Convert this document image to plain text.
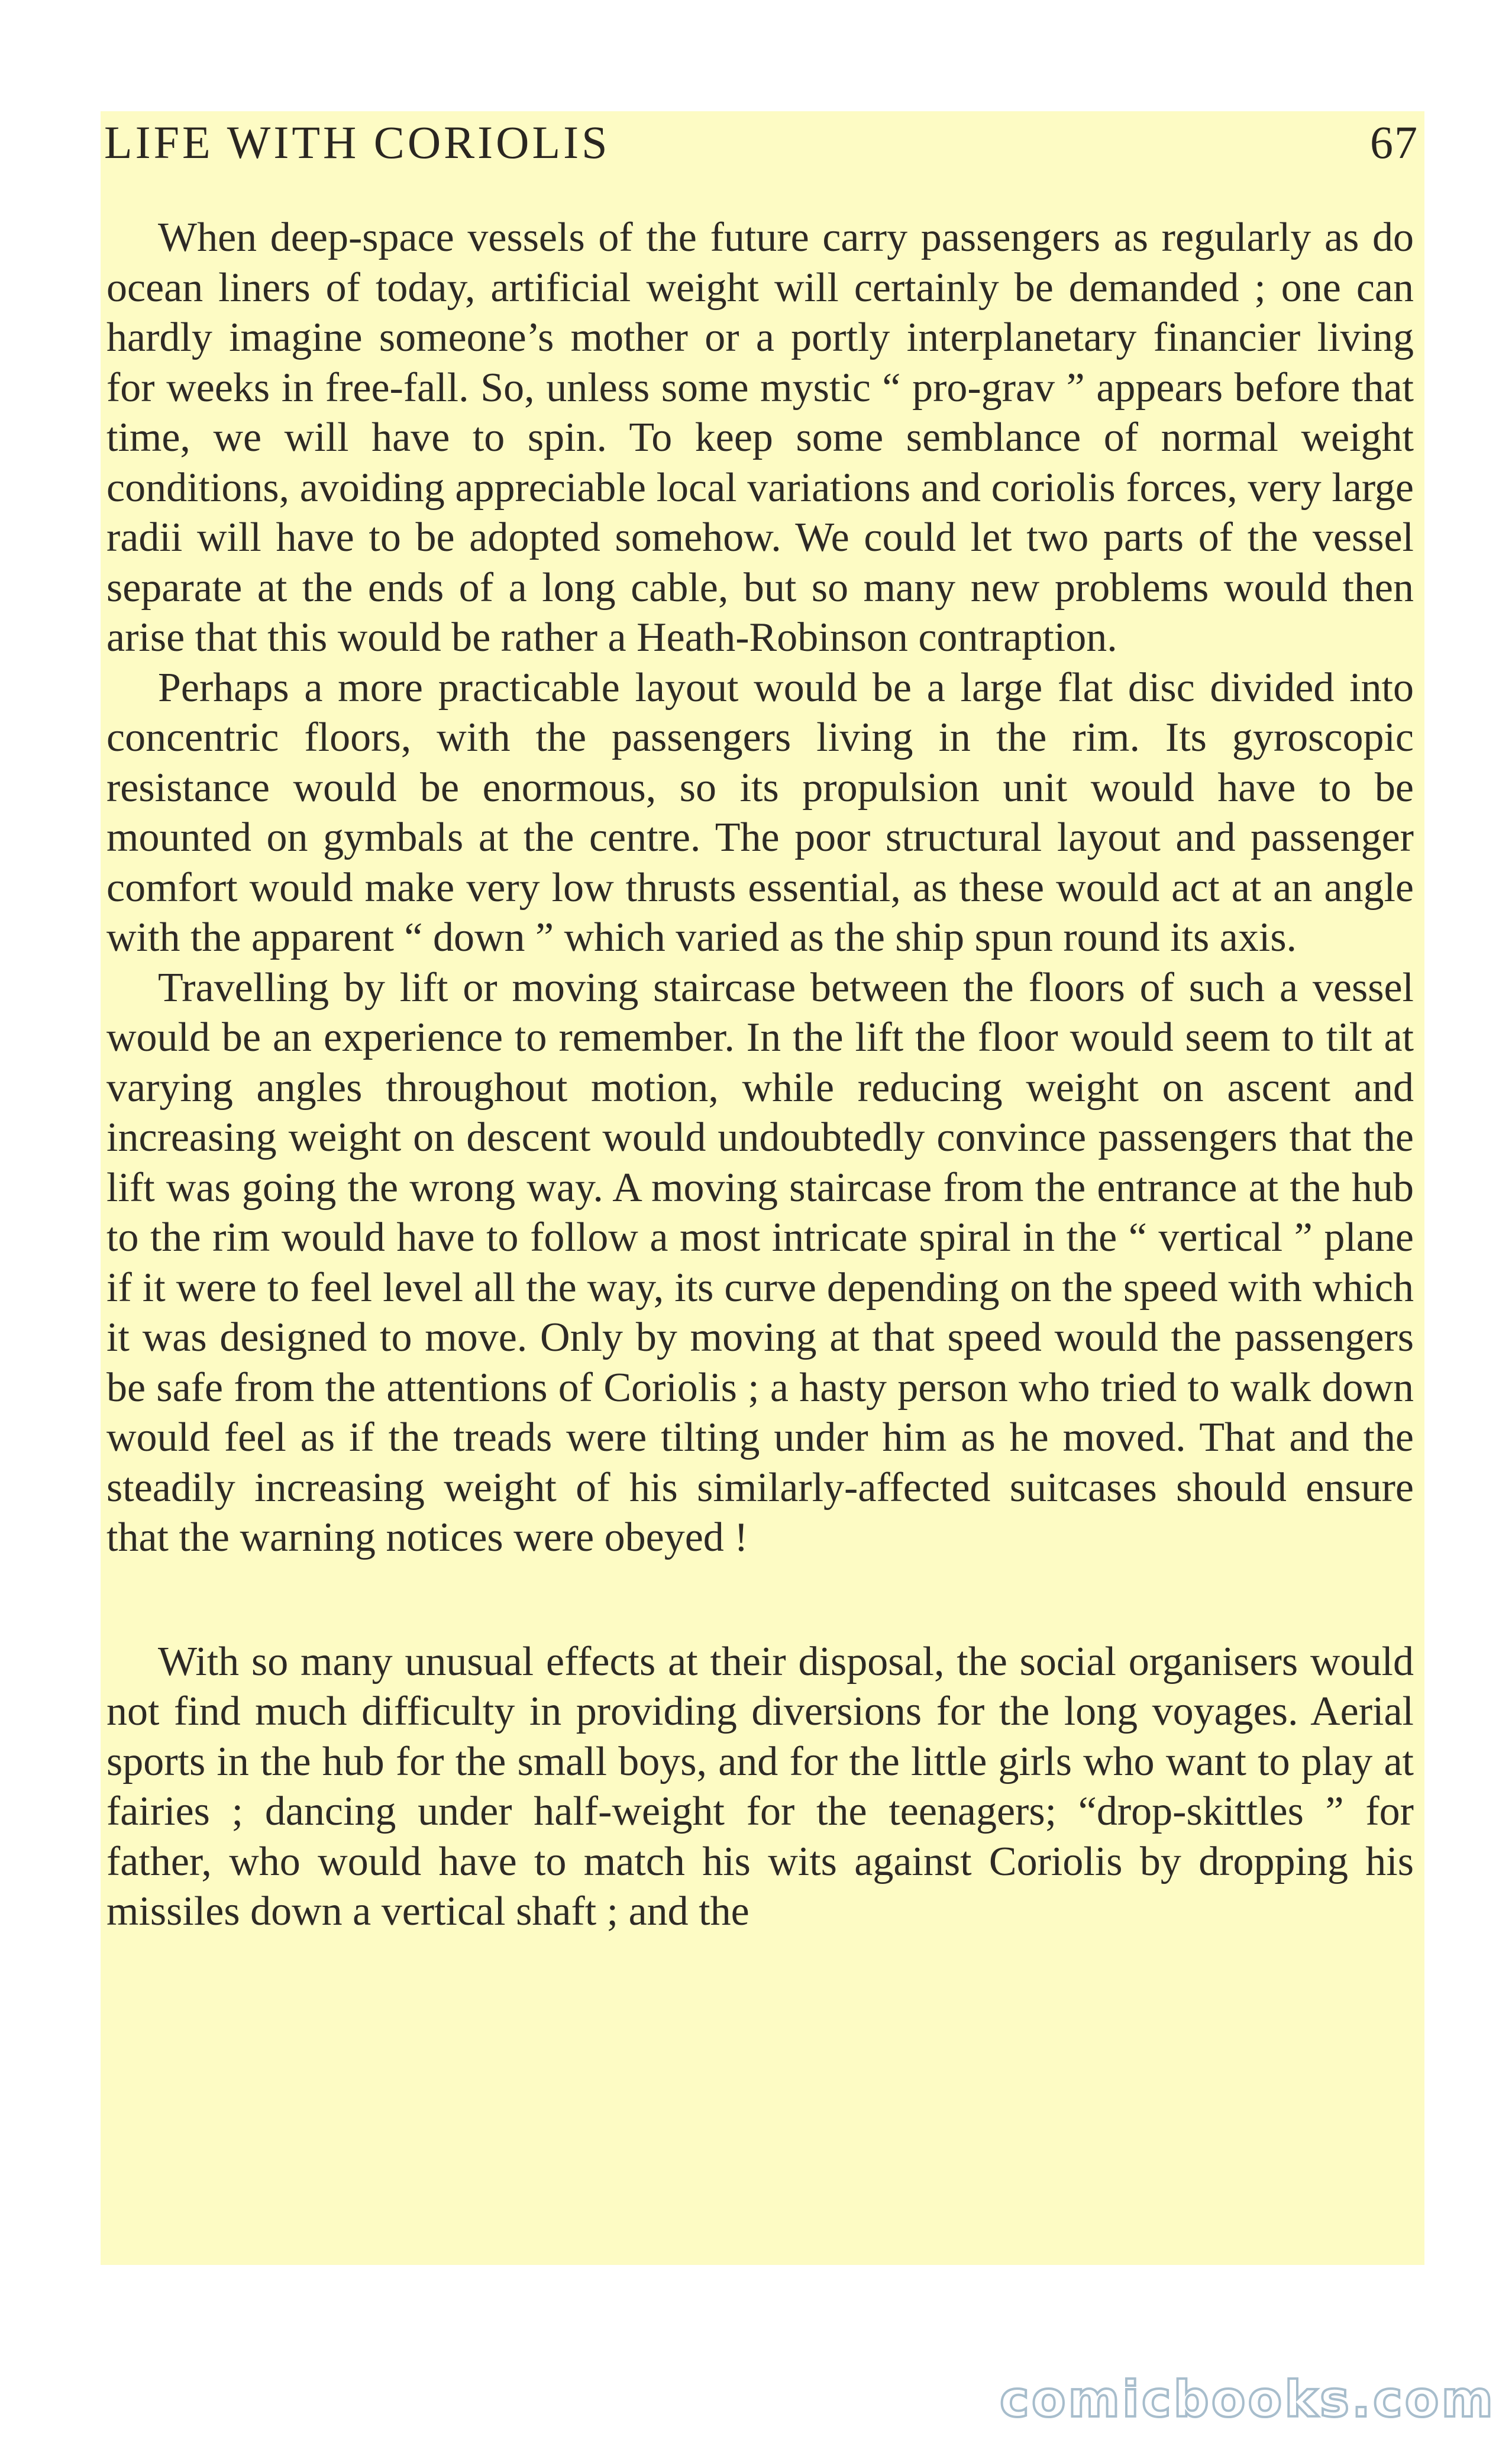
LIFE WITH CORIOLIS	67

When deep-space vessels of the future carry passengers as regularly as do ocean liners of today, artificial weight will certainly be demanded ; one can hardly imagine someone’s mother or a portly interplanetary financier living for weeks in free-fall. So, unless some mystic “ pro-grav ” appears before that time, we will have to spin. To keep some semblance of normal weight conditions, avoiding appreciable local variations and coriolis forces, very large radii will have to be adopted somehow. We could let two parts of the vessel separate at the ends of a long cable, but so many new problems would then arise that this would be rather a Heath-Robinson contraption.

Perhaps a more practicable layout would be a large flat disc divided into concentric floors, with the passengers living in the rim. Its gyroscopic resistance would be enormous, so its propulsion unit would have to be mounted on gymbals at the centre. The poor structural layout and passenger comfort would make very low thrusts essential, as these would act at an angle with the apparent “ down ” which varied as the ship spun round its axis.

Travelling by lift or moving staircase between the floors of such a vessel would be an experience to remember. In the lift the floor would seem to tilt at varying angles throughout motion, while reducing weight on ascent and increasing weight on descent would undoubtedly convince passengers that the lift was going the wrong way. A moving staircase from the entrance at the hub to the rim would have to follow a most intricate spiral in the “ vertical ” plane if it were to feel level all the way, its curve depending on the speed with which it was designed to move. Only by moving at that speed would the passengers be safe from the attentions of Coriolis ; a hasty person who tried to walk down would feel as if the treads were tilting under him as he moved. That and the steadily increasing weight of his similarly-affected suitcases should ensure that the warning notices were obeyed !

With so many unusual effects at their disposal, the social organisers would not find much difficulty in providing diversions for the long voyages. Aerial sports in the hub for the small boys, and for the little girls who want to play at fairies ; dancing under half-weight for the teenagers; “drop-skittles ” for father, who would have to match his wits against Coriolis by dropping his missiles down a vertical shaft ; and the

comicbooks.com
